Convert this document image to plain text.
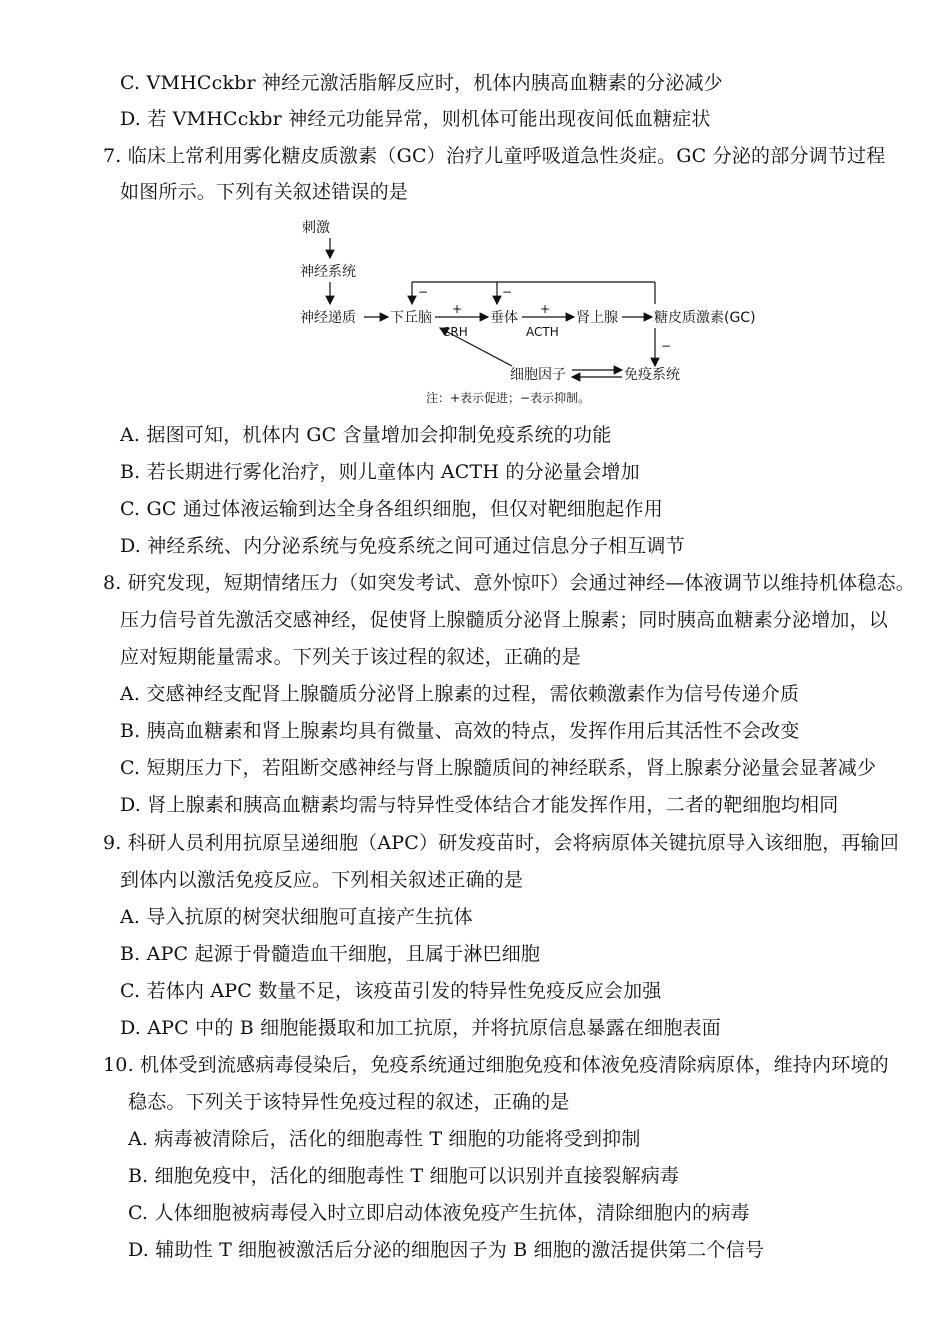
C. VMHCckbr 神经元激活脂解反应时，机体内胰高血糖素的分泌减少
D. 若 VMHCckbr 神经元功能异常，则机体可能出现夜间低血糖症状
7. 临床上常利用雾化糖皮质激素（GC）治疗儿童呼吸道急性炎症。GC 分泌的部分调节过程
如图所示。下列有关叙述错误的是
刺激
神经系统
神经递质 下丘脑
+
CRH
垂体
+
ACTH
肾上腺	糖皮质激素(GC)
−	−
−
细胞因子	免疫系统
注：+表示促进；−表示抑制。
A. 据图可知，机体内 GC 含量增加会抑制免疫系统的功能
B. 若长期进行雾化治疗，则儿童体内 ACTH 的分泌量会增加
C. GC 通过体液运输到达全身各组织细胞，但仅对靶细胞起作用
D. 神经系统、内分泌系统与免疫系统之间可通过信息分子相互调节
8. 研究发现，短期情绪压力（如突发考试、意外惊吓）会通过神经—体液调节以维持机体稳态。
压力信号首先激活交感神经，促使肾上腺髓质分泌肾上腺素；同时胰高血糖素分泌增加，以
应对短期能量需求。下列关于该过程的叙述，正确的是
A. 交感神经支配肾上腺髓质分泌肾上腺素的过程，需依赖激素作为信号传递介质
B. 胰高血糖素和肾上腺素均具有微量、高效的特点，发挥作用后其活性不会改变
C. 短期压力下，若阻断交感神经与肾上腺髓质间的神经联系，肾上腺素分泌量会显著减少
D. 肾上腺素和胰高血糖素均需与特异性受体结合才能发挥作用，二者的靶细胞均相同
9. 科研人员利用抗原呈递细胞（APC）研发疫苗时，会将病原体关键抗原导入该细胞，再输回
到体内以激活免疫反应。下列相关叙述正确的是
A. 导入抗原的树突状细胞可直接产生抗体
B. APC 起源于骨髓造血干细胞，且属于淋巴细胞
C. 若体内 APC 数量不足，该疫苗引发的特异性免疫反应会加强
D. APC 中的 B 细胞能摄取和加工抗原，并将抗原信息暴露在细胞表面
10. 机体受到流感病毒侵染后，免疫系统通过细胞免疫和体液免疫清除病原体，维持内环境的
稳态。下列关于该特异性免疫过程的叙述，正确的是
A. 病毒被清除后，活化的细胞毒性 T 细胞的功能将受到抑制
B. 细胞免疫中，活化的细胞毒性 T 细胞可以识别并直接裂解病毒
C. 人体细胞被病毒侵入时立即启动体液免疫产生抗体，清除细胞内的病毒
D. 辅助性 T 细胞被激活后分泌的细胞因子为 B 细胞的激活提供第二个信号
